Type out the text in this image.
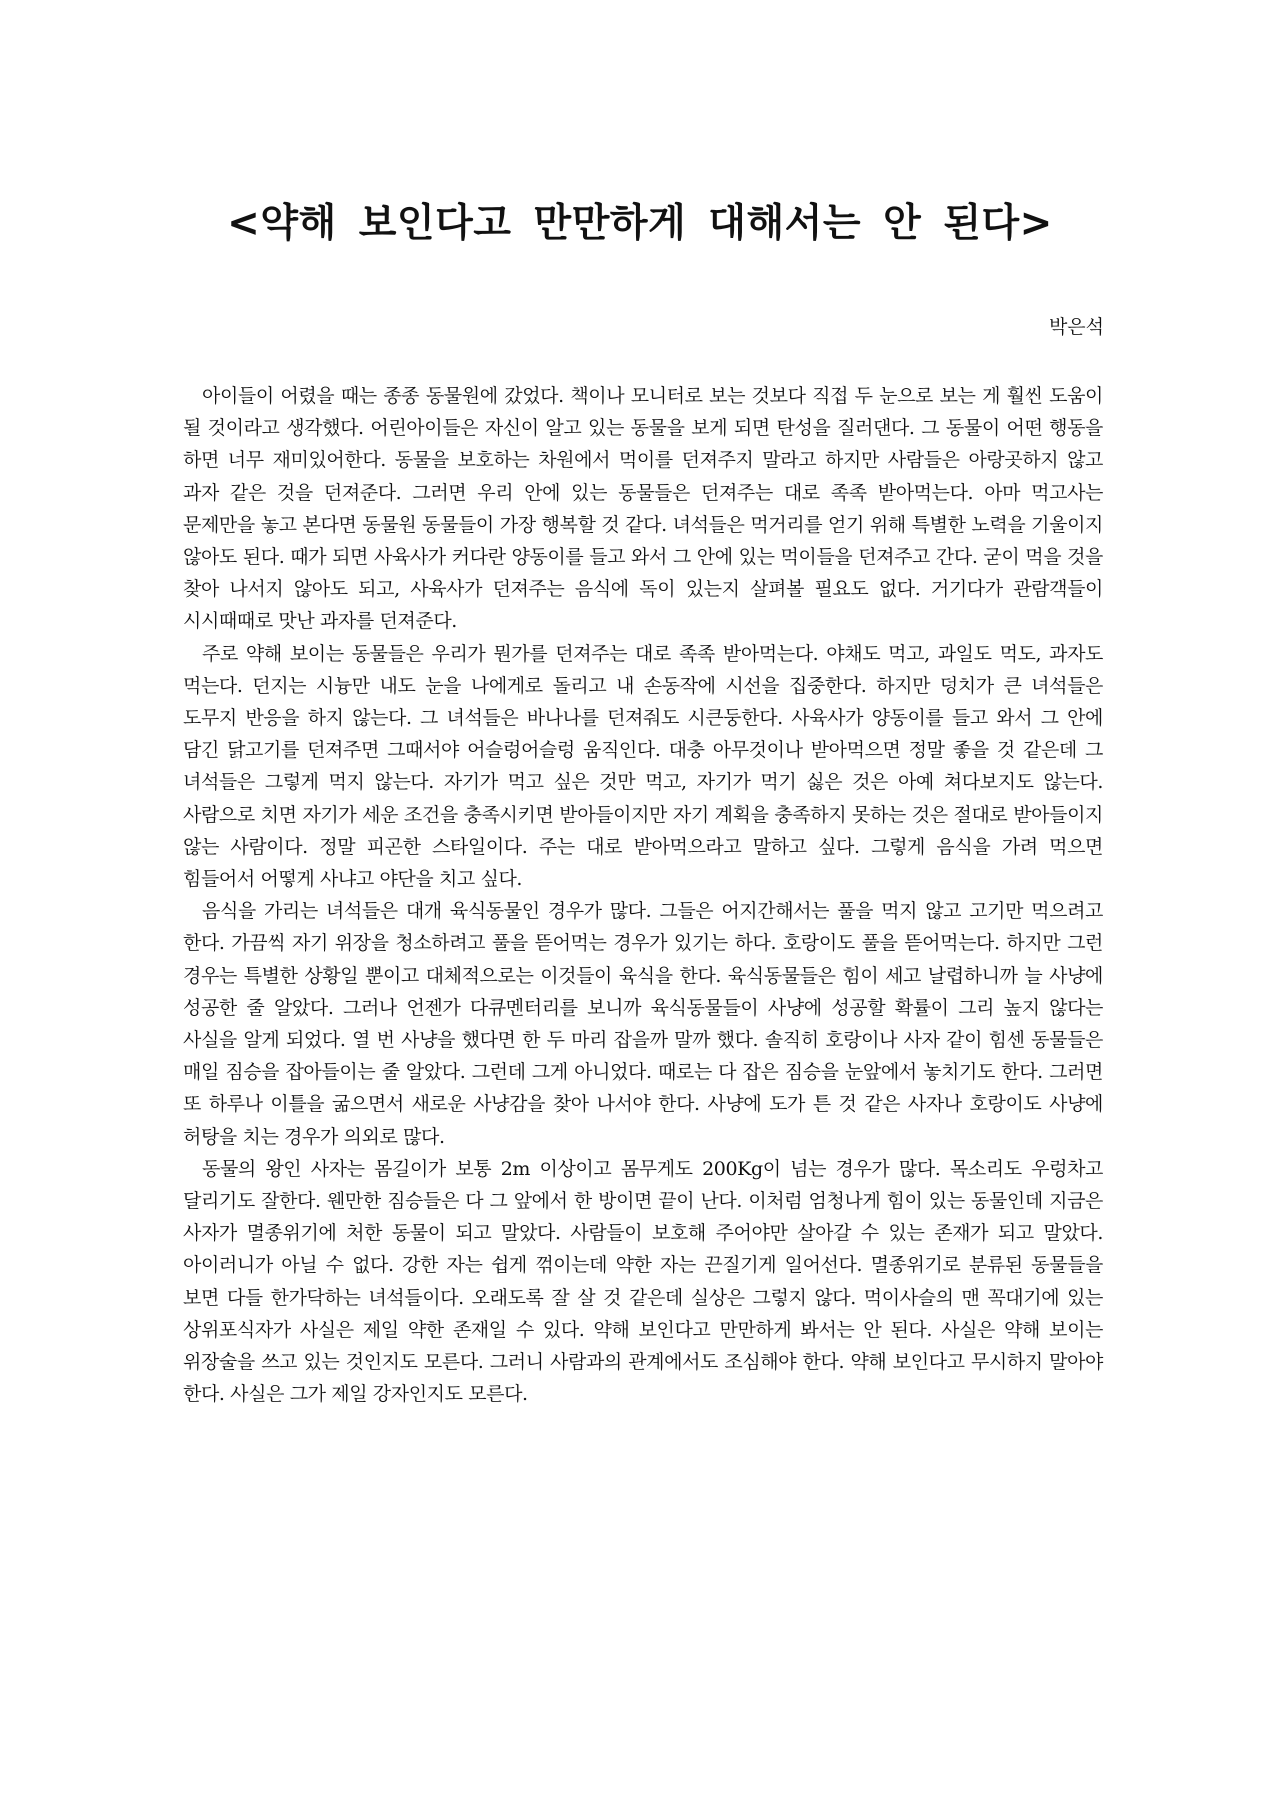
<약해 보인다고 만만하게 대해서는 안 된다>

박은석

아이들이 어렸을 때는 종종 동물원에 갔었다. 책이나 모니터로 보는 것보다 직접 두 눈으로 보는 게 훨씬 도움이 될 것이라고 생각했다. 어린아이들은 자신이 알고 있는 동물을 보게 되면 탄성을 질러댄다. 그 동물이 어떤 행동을 하면 너무 재미있어한다. 동물을 보호하는 차원에서 먹이를 던져주지 말라고 하지만 사람들은 아랑곳하지 않고 과자 같은 것을 던져준다. 그러면 우리 안에 있는 동물들은 던져주는 대로 족족 받아먹는다. 아마 먹고사는 문제만을 놓고 본다면 동물원 동물들이 가장 행복할 것 같다. 녀석들은 먹거리를 얻기 위해 특별한 노력을 기울이지 않아도 된다. 때가 되면 사육사가 커다란 양동이를 들고 와서 그 안에 있는 먹이들을 던져주고 간다. 굳이 먹을 것을 찾아 나서지 않아도 되고, 사육사가 던져주는 음식에 독이 있는지 살펴볼 필요도 없다. 거기다가 관람객들이 시시때때로 맛난 과자를 던져준다.

주로 약해 보이는 동물들은 우리가 뭔가를 던져주는 대로 족족 받아먹는다. 야채도 먹고, 과일도 먹도, 과자도 먹는다. 던지는 시늉만 내도 눈을 나에게로 돌리고 내 손동작에 시선을 집중한다. 하지만 덩치가 큰 녀석들은 도무지 반응을 하지 않는다. 그 녀석들은 바나나를 던져줘도 시큰둥한다. 사육사가 양동이를 들고 와서 그 안에 담긴 닭고기를 던져주면 그때서야 어슬렁어슬렁 움직인다. 대충 아무것이나 받아먹으면 정말 좋을 것 같은데 그 녀석들은 그렇게 먹지 않는다. 자기가 먹고 싶은 것만 먹고, 자기가 먹기 싫은 것은 아예 쳐다보지도 않는다. 사람으로 치면 자기가 세운 조건을 충족시키면 받아들이지만 자기 계획을 충족하지 못하는 것은 절대로 받아들이지 않는 사람이다. 정말 피곤한 스타일이다. 주는 대로 받아먹으라고 말하고 싶다. 그렇게 음식을 가려 먹으면 힘들어서 어떻게 사냐고 야단을 치고 싶다.

음식을 가리는 녀석들은 대개 육식동물인 경우가 많다. 그들은 어지간해서는 풀을 먹지 않고 고기만 먹으려고 한다. 가끔씩 자기 위장을 청소하려고 풀을 뜯어먹는 경우가 있기는 하다. 호랑이도 풀을 뜯어먹는다. 하지만 그런 경우는 특별한 상황일 뿐이고 대체적으로는 이것들이 육식을 한다. 육식동물들은 힘이 세고 날렵하니까 늘 사냥에 성공한 줄 알았다. 그러나 언젠가 다큐멘터리를 보니까 육식동물들이 사냥에 성공할 확률이 그리 높지 않다는 사실을 알게 되었다. 열 번 사냥을 했다면 한 두 마리 잡을까 말까 했다. 솔직히 호랑이나 사자 같이 힘센 동물들은 매일 짐승을 잡아들이는 줄 알았다. 그런데 그게 아니었다. 때로는 다 잡은 짐승을 눈앞에서 놓치기도 한다. 그러면 또 하루나 이틀을 굶으면서 새로운 사냥감을 찾아 나서야 한다. 사냥에 도가 튼 것 같은 사자나 호랑이도 사냥에 허탕을 치는 경우가 의외로 많다.

동물의 왕인 사자는 몸길이가 보통 2m 이상이고 몸무게도 200Kg이 넘는 경우가 많다. 목소리도 우렁차고 달리기도 잘한다. 웬만한 짐승들은 다 그 앞에서 한 방이면 끝이 난다. 이처럼 엄청나게 힘이 있는 동물인데 지금은 사자가 멸종위기에 처한 동물이 되고 말았다. 사람들이 보호해 주어야만 살아갈 수 있는 존재가 되고 말았다. 아이러니가 아닐 수 없다. 강한 자는 쉽게 꺾이는데 약한 자는 끈질기게 일어선다. 멸종위기로 분류된 동물들을 보면 다들 한가닥하는 녀석들이다. 오래도록 잘 살 것 같은데 실상은 그렇지 않다. 먹이사슬의 맨 꼭대기에 있는 상위포식자가 사실은 제일 약한 존재일 수 있다. 약해 보인다고 만만하게 봐서는 안 된다. 사실은 약해 보이는 위장술을 쓰고 있는 것인지도 모른다. 그러니 사람과의 관계에서도 조심해야 한다. 약해 보인다고 무시하지 말아야 한다. 사실은 그가 제일 강자인지도 모른다.
